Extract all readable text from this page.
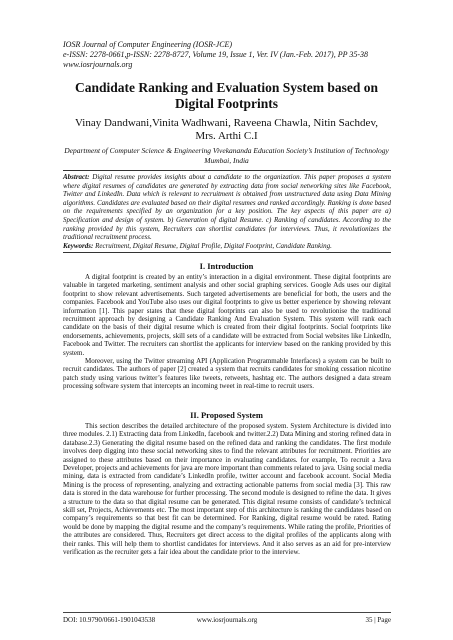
IOSR Journal of Computer Engineering (IOSR-JCE)
e-ISSN: 2278-0661,p-ISSN: 2278-8727, Volume 19, Issue 1, Ver. IV (Jan.-Feb. 2017), PP 35-38
www.iosrjournals.org
Candidate Ranking and Evaluation System based on
Digital Footprints
Vinay Dandwani,Vinita Wadhwani, Raveena Chawla, Nitin Sachdev,
Mrs. Arthi C.I
Department of Computer Science & Engineering Vivekananda Education Society’s Institution of Technology
Mumbai, India

Abstract: Digital resume provides insights about a candidate to the organization. This paper proposes a system where digital resumes of candidates are generated by extracting data from social networking sites like Facebook, Twitter and LinkedIn. Data which is relevant to recruitment is obtained from unstructured data using Data Mining algorithms. Candidates are evaluated based on their digital resumes and ranked accordingly. Ranking is done based on the requirements specified by an organization for a key position. The key aspects of this paper are a) Specification and design of system. b) Generation of digital Resume. c) Ranking of candidates. According to the ranking provided by this system, Recruiters can shortlist candidates for interviews. Thus, it revolutionizes the traditional recruitment process.

Keywords: Recruitment, Digital Resume, Digital Profile, Digital Footprint, Candidate Ranking.

I. Introduction

A digital footprint is created by an entity’s interaction in a digital environment. These digital footprints are valuable in targeted marketing, sentiment analysis and other social graphing services. Google Ads uses our digital footprint to show relevant advertisements. Such targeted advertisements are beneficial for both, the users and the companies. Facebook and YouTube also uses our digital footprints to give us better experience by showing relevant information [1]. This paper states that these digital footprints can also be used to revolutionise the traditional recruitment approach by designing a Candidate Ranking And Evaluation System. This system will rank each candidate on the basis of their digital resume which is created from their digital footprints. Social footprints like endorsements, achievements, projects, skill sets of a candidate will be extracted from Social websites like LinkedIn, Facebook and Twitter. The recruiters can shortlist the applicants for interview based on the ranking provided by this system.

Moreover, using the Twitter streaming API (Application Programmable Interfaces) a system can be built to recruit candidates. The authors of paper [2] created a system that recruits candidates for smoking cessation nicotine patch study using various twitter’s features like tweets, retweets, hashtag etc. The authors designed a data stream processing software system that intercepts an incoming tweet in real-time to recruit users.

II. Proposed System

This section describes the detailed architecture of the proposed system. System Architecture is divided into three modules. 2.1) Extracting data from LinkedIn, facebook and twitter.2.2) Data Mining and storing refined data in database.2.3) Generating the digital resume based on the refined data and ranking the candidates. The first module involves deep digging into these social networking sites to find the relevant attributes for recruitment. Priorities are assigned to these attributes based on their importance in evaluating candidates. for example, To recruit a Java Developer, projects and achievements for java are more important than comments related to java. Using social media mining, data is extracted from candidate’s LinkedIn profile, twitter account and facebook account. Social Media Mining is the process of representing, analyzing and extracting actionable patterns from social media [3]. This raw data is stored in the data warehouse for further processing. The second module is designed to refine the data. It gives a structure to the data so that digital resume can be generated. This digital resume consists of candidate’s technical skill set, Projects, Achievements etc. The most important step of this architecture is ranking the candidates based on company’s requirements so that best fit can be determined. For Ranking, digital resume would be rated. Rating would be done by mapping the digital resume and the company’s requirements. While rating the profile, Priorities of the attributes are considered. Thus, Recruiters get direct access to the digital profiles of the applicants along with their ranks. This will help them to shortlist candidates for interviews. And it also serves as an aid for pre-interview verification as the recruiter gets a fair idea about the candidate prior to the interview.

DOI: 10.9790/0661-1901043538	www.iosrjournals.org	35 | Page
